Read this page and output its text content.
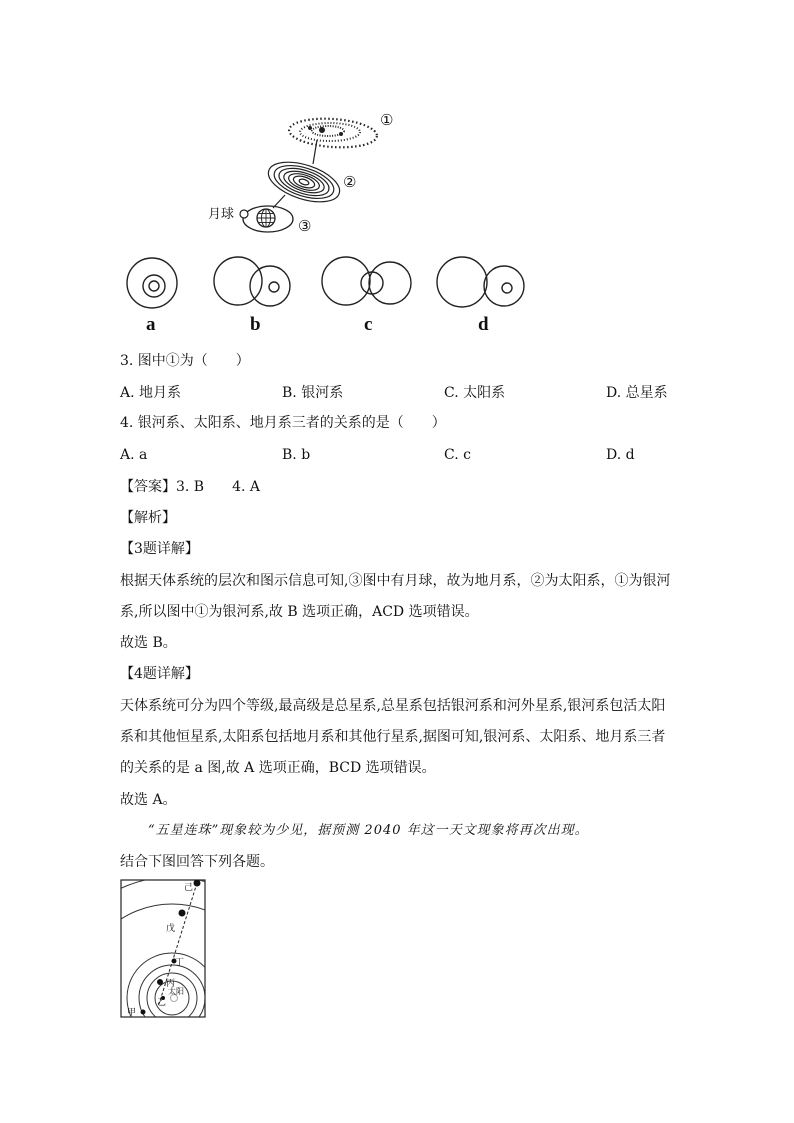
①
②
③
月球
a	b	c	d
3. 图中①为（　　）
A. 地月系	B. 银河系	C. 太阳系	D. 总星系
4. 银河系、太阳系、地月系三者的关系的是（　　）
A. a	B. b	C. c	D. d
【答案】3. B　　4. A
【解析】
【3题详解】
根据天体系统的层次和图示信息可知,③图中有月球，故为地月系，②为太阳系，①为银河
系,所以图中①为银河系,故 B 选项正确，ACD 选项错误。
故选 B。
【4题详解】
天体系统可分为四个等级,最高级是总星系,总星系包括银河系和河外星系,银河系包活太阳
系和其他恒星系,太阳系包括地月系和其他行星系,据图可知,银河系、太阳系、地月系三者
的关系的是 a 图,故 A 选项正确，BCD 选项错误。
故选 A。
“五星连珠”现象较为少见，据预测 2040 年这一天文现象将再次出现。
结合下图回答下列各题。
己
戊
丁
丙
太阳
乙
甲
